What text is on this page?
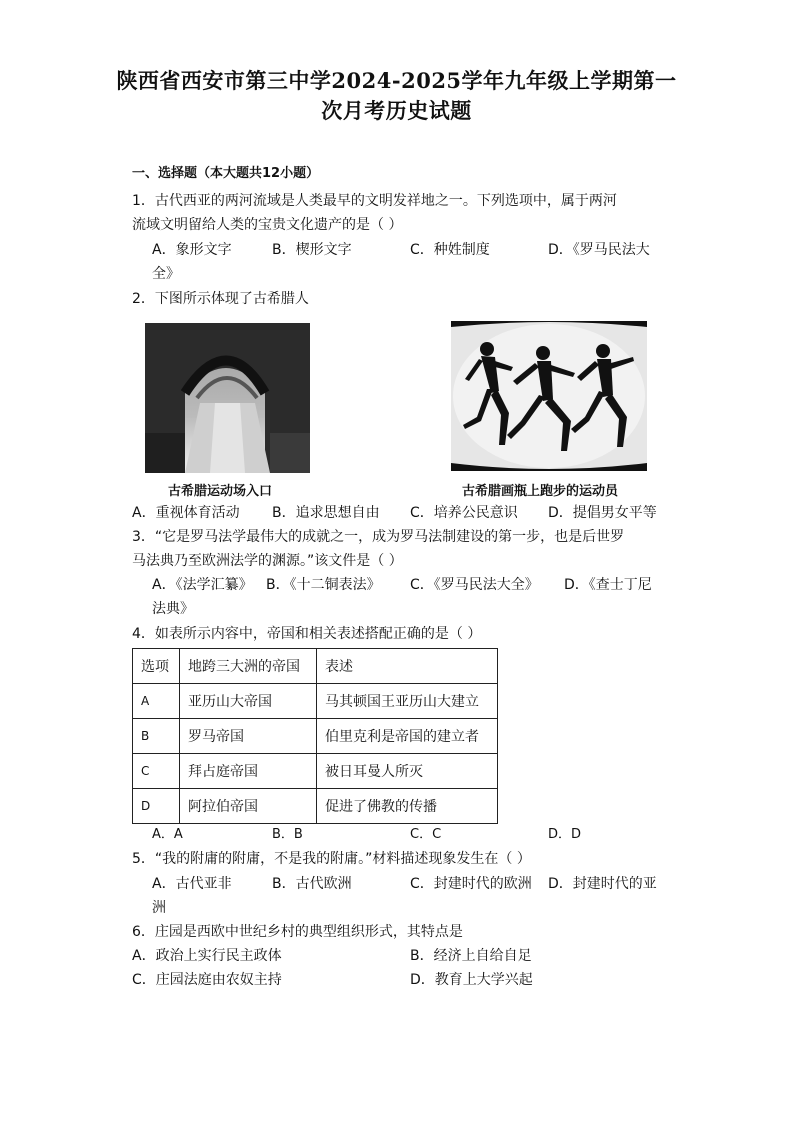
陕西省西安市第三中学2024-2025学年九年级上学期第一
次月考历史试题
一、选择题（本大题共12小题）
1．古代西亚的两河流域是人类最早的文明发祥地之一。下列选项中，属于两河
流域文明留给人类的宝贵文化遗产的是（ ）
A．象形文字	B．楔形文字	C．种姓制度	D．《罗马民法大
全》
2．下图所示体现了古希腊人
古希腊运动场入口	古希腊画瓶上跑步的运动员
A．重视体育活动 B．追求思想自由 C．培养公民意识 D．提倡男女平等
3．“它是罗马法学最伟大的成就之一，成为罗马法制建设的第一步，也是后世罗
马法典乃至欧洲法学的渊源。”该文件是（ ）
A．《法学汇纂》 B．《十二铜表法》 C．《罗马民法大全》 D．《查士丁尼
法典》
4．如表所示内容中，帝国和相关表述搭配正确的是（ ）
选项	地跨三大洲的帝国	表述
A	亚历山大帝国	马其顿国王亚历山大建立
B	罗马帝国	伯里克利是帝国的建立者
C	拜占庭帝国	被日耳曼人所灭
D	阿拉伯帝国	促进了佛教的传播
A．A	B．B	C．C	D．D
5．“我的附庸的附庸，不是我的附庸。”材料描述现象发生在（ ）
A．古代亚非	B．古代欧洲	C．封建时代的欧洲 D．封建时代的亚
洲
6．庄园是西欧中世纪乡村的典型组织形式，其特点是
A．政治上实行民主政体	B．经济上自给自足
C．庄园法庭由农奴主持	D．教育上大学兴起
